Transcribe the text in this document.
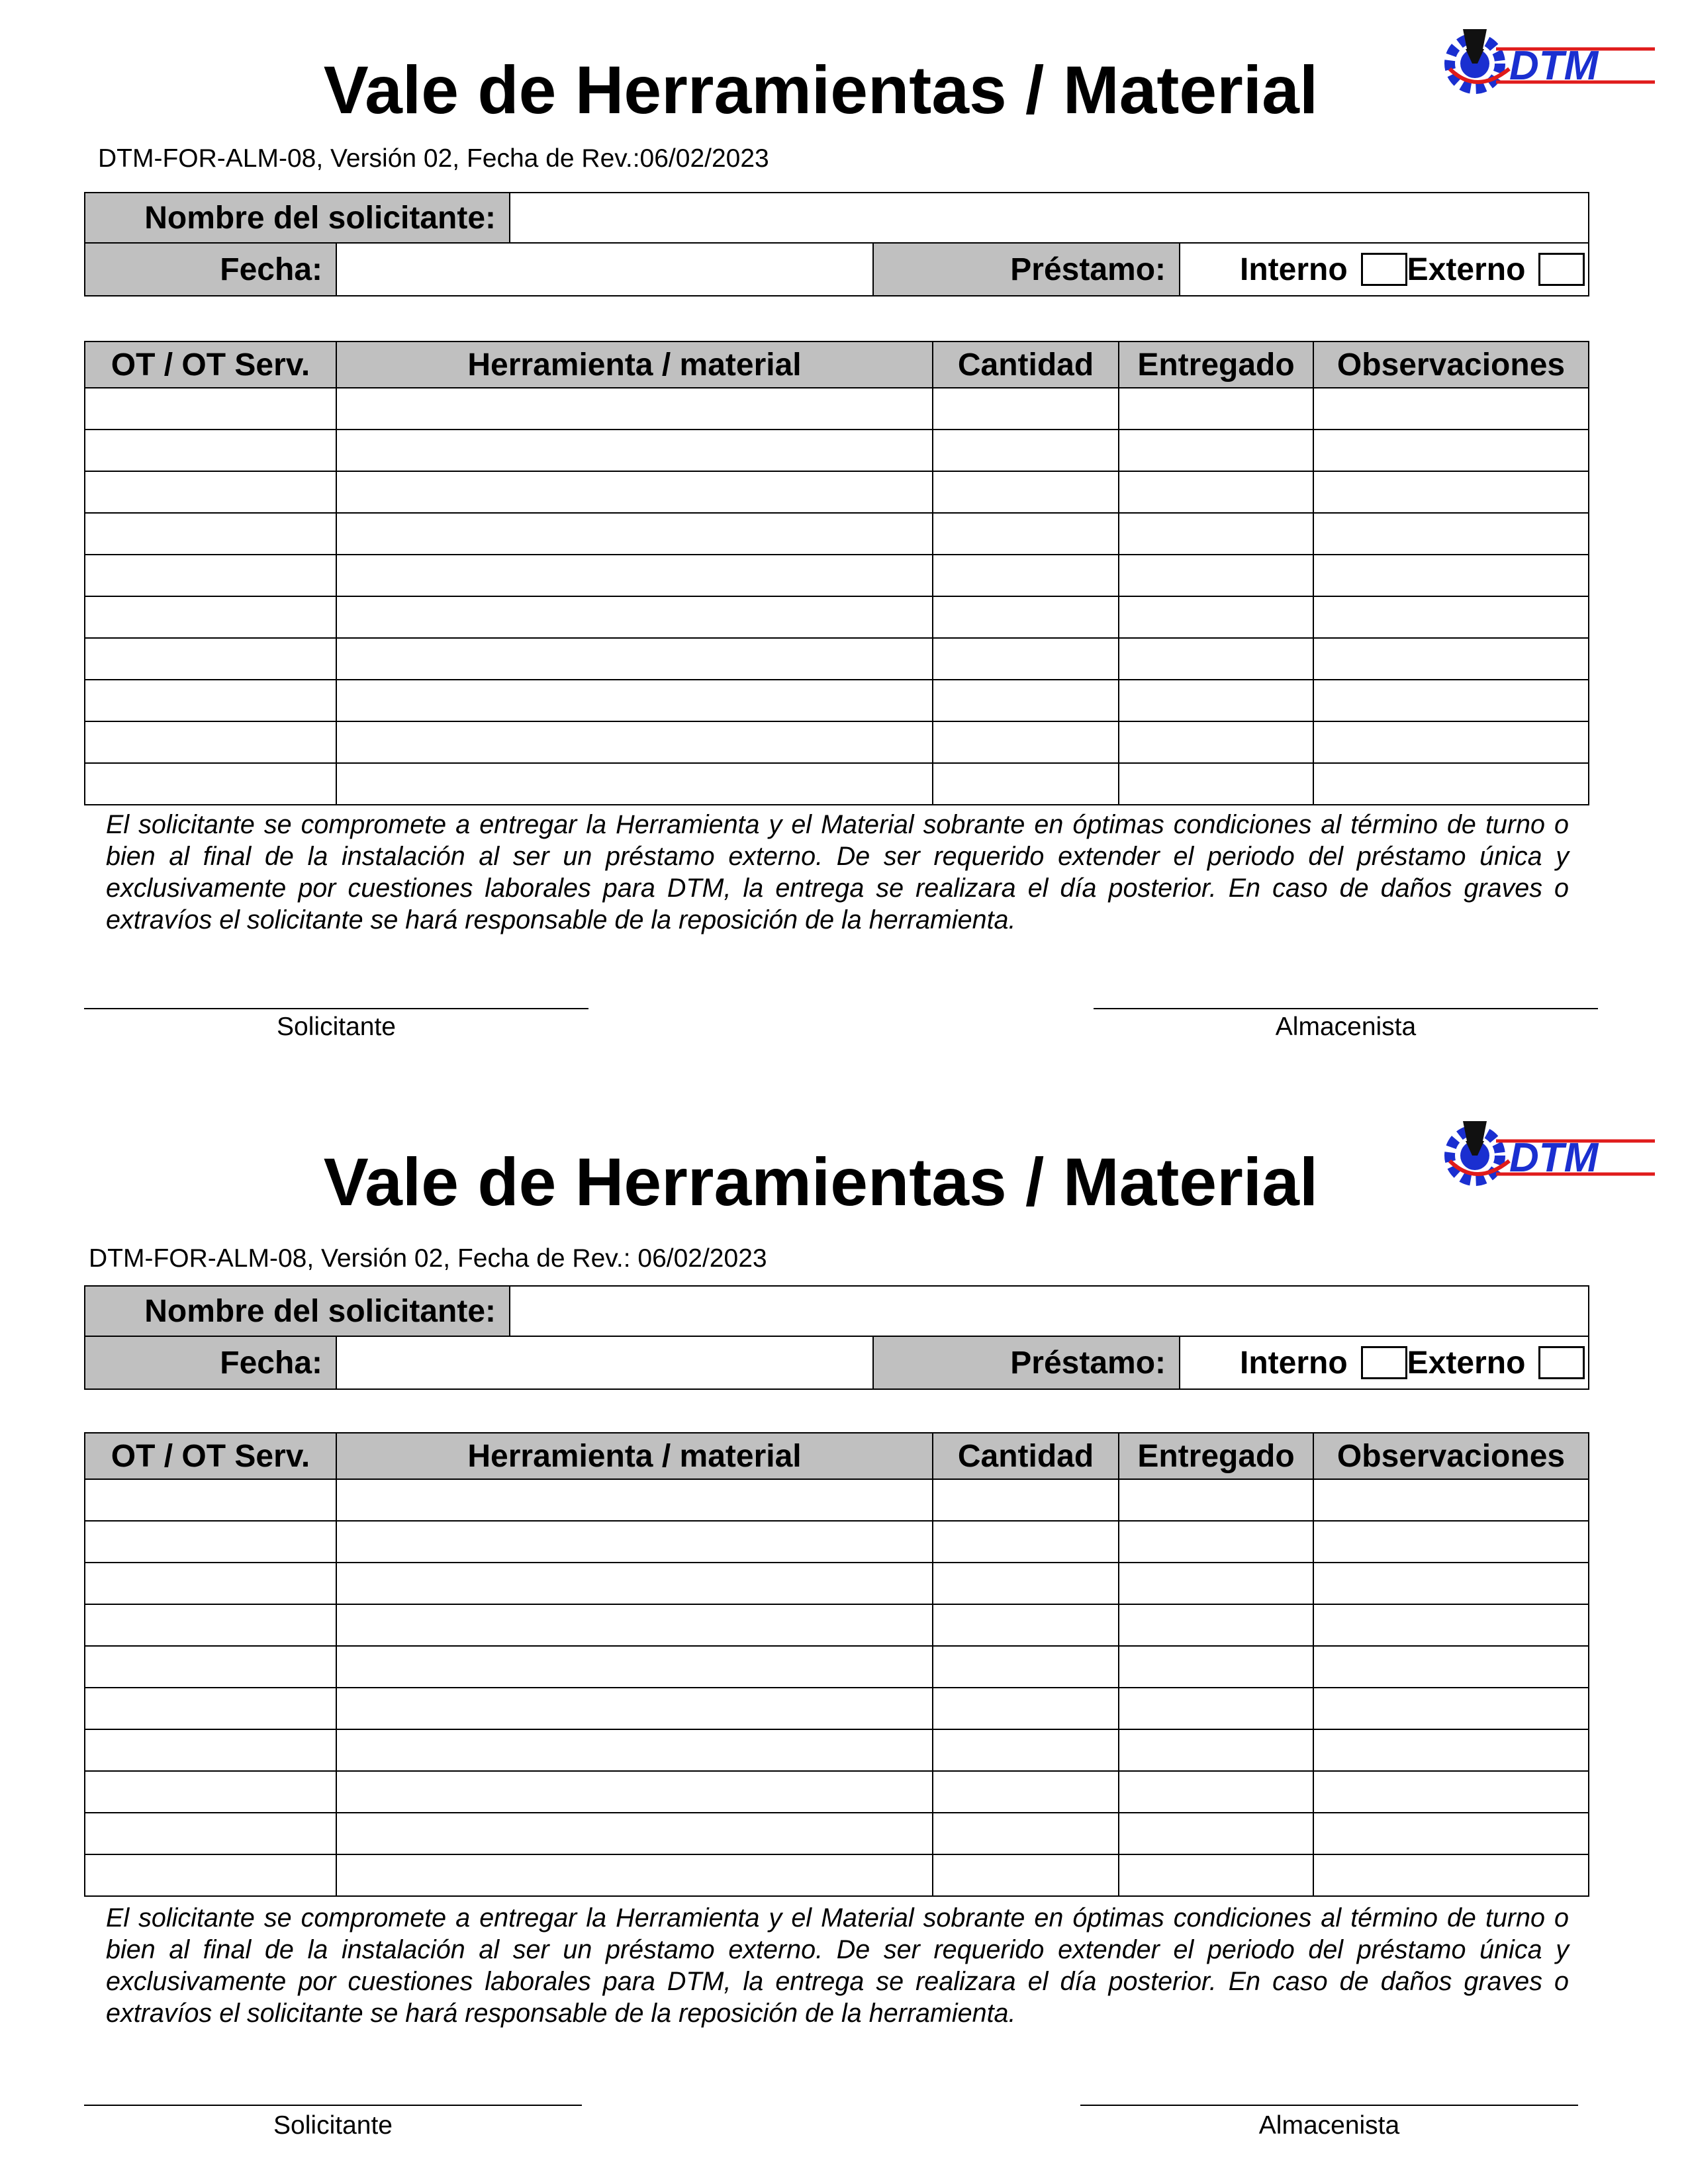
DTM
Vale de Herramientas / Material
DTM-FOR-ALM-08, Versión 02, Fecha de Rev.:06/02/2023
Nombre del solicitante:				
Fecha:			Préstamo:	Interno Externo
OT / OT Serv.	Herramienta / material	Cantidad	Entregado	Observaciones

El solicitante se compromete a entregar la Herramienta y el Material sobrante en óptimas condiciones al término de turno o bien al final de la instalación al ser un préstamo externo. De ser requerido extender el periodo del préstamo única y exclusivamente por cuestiones laborales para DTM, la entrega se realizara el día posterior. En caso de daños graves o extravíos el solicitante se hará responsable de la reposición de la herramienta.
Solicitante	Almacenista
DTM
Vale de Herramientas / Material
DTM-FOR-ALM-08, Versión 02, Fecha de Rev.: 06/02/2023
Nombre del solicitante:				
Fecha:			Préstamo:	Interno Externo
OT / OT Serv.	Herramienta / material	Cantidad	Entregado	Observaciones

El solicitante se compromete a entregar la Herramienta y el Material sobrante en óptimas condiciones al término de turno o bien al final de la instalación al ser un préstamo externo. De ser requerido extender el periodo del préstamo única y exclusivamente por cuestiones laborales para DTM, la entrega se realizara el día posterior. En caso de daños graves o extravíos el solicitante se hará responsable de la reposición de la herramienta.
Solicitante	Almacenista
